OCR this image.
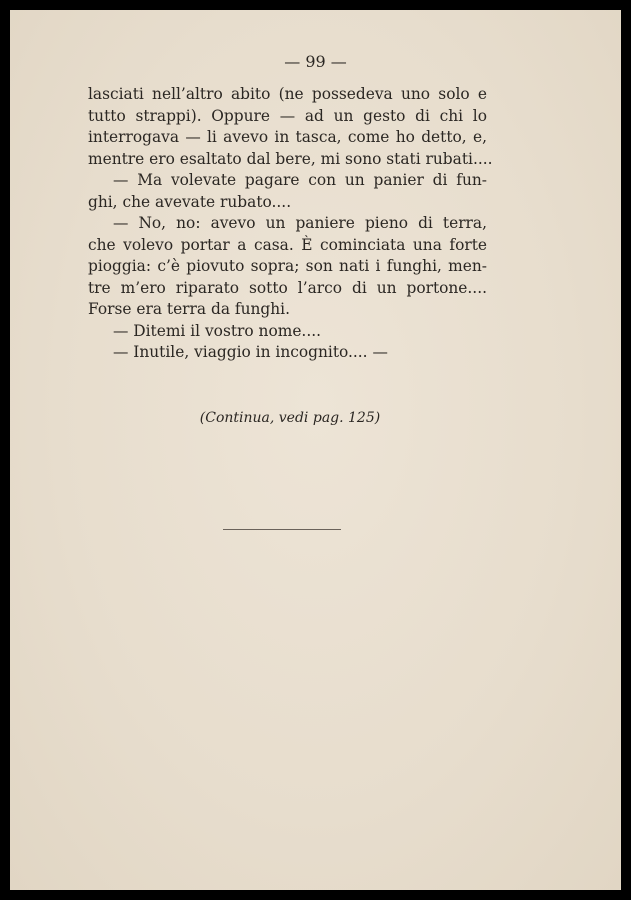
— 99 —
lasciati nell’altro abito (ne possedeva uno solo e
tutto strappi). Oppure — ad un gesto di chi lo
interrogava — li avevo in tasca, come ho detto, e,
mentre ero esaltato dal bere, mi sono stati rubati....
— Ma volevate pagare con un panier di fun-
ghi, che avevate rubato....
— No, no: avevo un paniere pieno di terra,
che volevo portar a casa. È cominciata una forte
pioggia: c’è piovuto sopra; son nati i funghi, men-
tre m’ero riparato sotto l’arco di un portone....
Forse era terra da funghi.
— Ditemi il vostro nome....
— Inutile, viaggio in incognito.... —
(Continua, vedi pag. 125)
